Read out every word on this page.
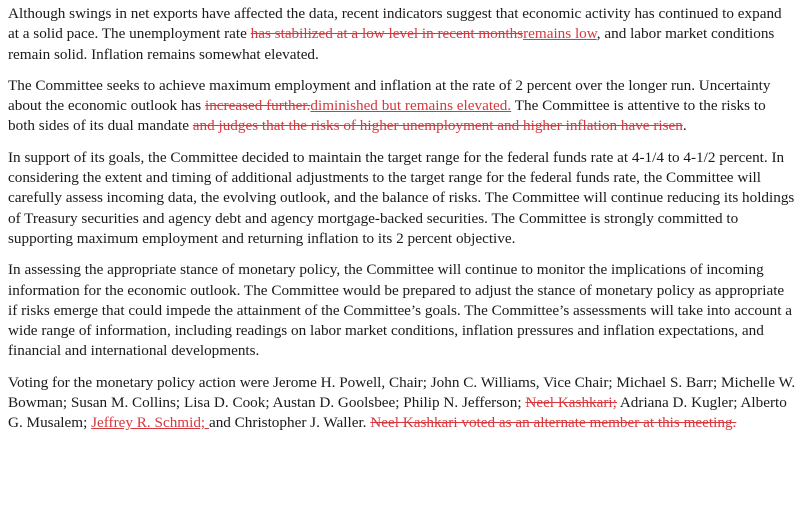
Although swings in net exports have affected the data, recent indicators suggest that economic activity has continued to expand at a solid pace. The unemployment rate has stabilized at a low level in recent monthsremains low, and labor market conditions remain solid. Inflation remains somewhat elevated.

The Committee seeks to achieve maximum employment and inflation at the rate of 2 percent over the longer run. Uncertainty about the economic outlook has increased further.diminished but remains elevated. The Committee is attentive to the risks to both sides of its dual mandate and judges that the risks of higher unemployment and higher inflation have risen.

In support of its goals, the Committee decided to maintain the target range for the federal funds rate at 4-1/4 to 4-1/2 percent. In considering the extent and timing of additional adjustments to the target range for the federal funds rate, the Committee will carefully assess incoming data, the evolving outlook, and the balance of risks. The Committee will continue reducing its holdings of Treasury securities and agency debt and agency mortgage-backed securities. The Committee is strongly committed to supporting maximum employment and returning inflation to its 2 percent objective.

In assessing the appropriate stance of monetary policy, the Committee will continue to monitor the implications of incoming information for the economic outlook. The Committee would be prepared to adjust the stance of monetary policy as appropriate if risks emerge that could impede the attainment of the Committee’s goals. The Committee’s assessments will take into account a wide range of information, including readings on labor market conditions, inflation pressures and inflation expectations, and financial and international developments.

Voting for the monetary policy action were Jerome H. Powell, Chair; John C. Williams, Vice Chair; Michael S. Barr; Michelle W. Bowman; Susan M. Collins; Lisa D. Cook; Austan D. Goolsbee; Philip N. Jefferson; Neel Kashkari; Adriana D. Kugler; Alberto G. Musalem; Jeffrey R. Schmid; and Christopher J. Waller. Neel Kashkari voted as an alternate member at this meeting.
